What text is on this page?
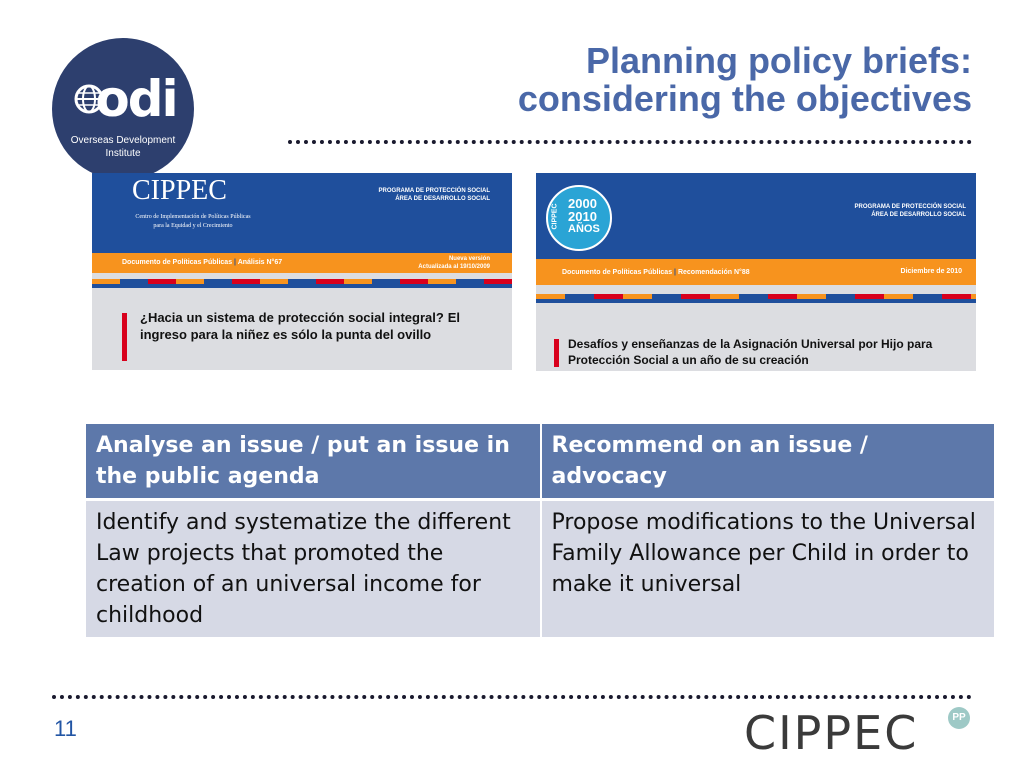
odi
Overseas Development
Institute
Planning policy briefs:
considering the objectives
CIPPEC
Centro de Implementación de Políticas Públicas
para la Equidad y el Crecimiento
PROGRAMA DE PROTECCIÓN SOCIAL
ÁREA DE DESARROLLO SOCIAL
Documento de Políticas Públicas | Análisis N°67	Nueva versión
Actualizada al 19/10/2009
¿Hacia un sistema de protección social integral? El ingreso para la niñez es sólo la punta del ovillo
CIPPEC 2000
2010
AÑOS
PROGRAMA DE PROTECCIÓN SOCIAL
ÁREA DE DESARROLLO SOCIAL
Documento de Políticas Públicas | Recomendación N°88	Diciembre de 2010
Desafíos y enseñanzas de la Asignación Universal por Hijo para Protección Social a un año de su creación
Analyse an issue / put an issue in the public agenda	Recommend on an issue / advocacy
Identify and systematize the different Law projects that promoted the creation of an universal income for childhood	Propose modifications to the Universal Family Allowance per Child in order to make it universal
11	CIPPEC	PP
